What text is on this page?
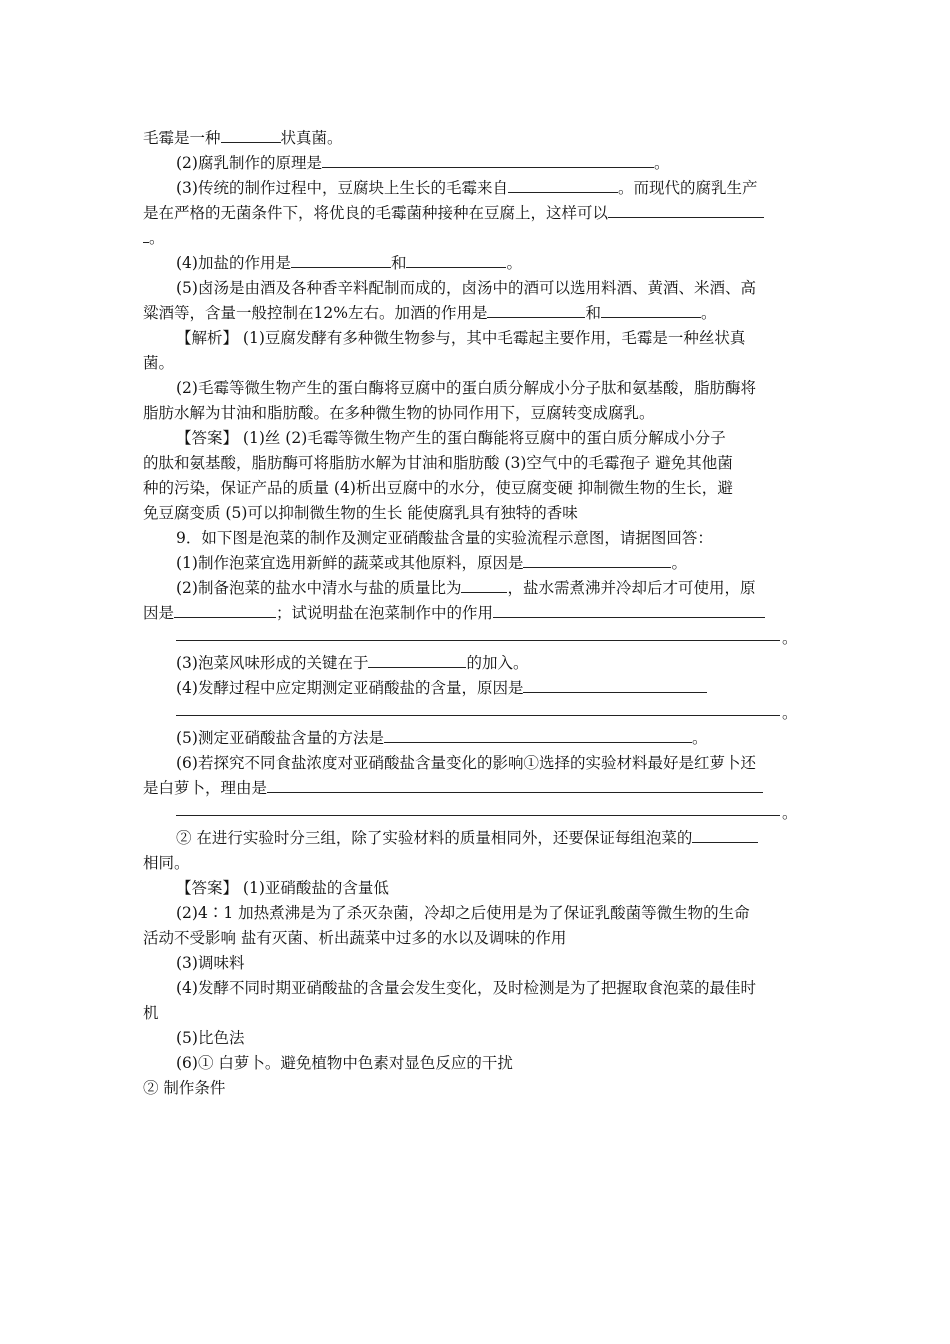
毛霉是一种	状真菌。
(2)腐乳制作的原理是	。
(3)传统的制作过程中，豆腐块上生长的毛霉来自	。而现代的腐乳生产
是在严格的无菌条件下，将优良的毛霉菌种接种在豆腐上，这样可以
。
(4)加盐的作用是	和	。
(5)卤汤是由酒及各种香辛料配制而成的，卤汤中的酒可以选用料酒、黄酒、米酒、高
粱酒等，含量一般控制在12%左右。加酒的作用是	和	。
【解析】 (1)豆腐发酵有多种微生物参与，其中毛霉起主要作用，毛霉是一种丝状真
菌。
(2)毛霉等微生物产生的蛋白酶将豆腐中的蛋白质分解成小分子肽和氨基酸，脂肪酶将
脂肪水解为甘油和脂肪酸。在多种微生物的协同作用下，豆腐转变成腐乳。
【答案】 (1)丝 (2)毛霉等微生物产生的蛋白酶能将豆腐中的蛋白质分解成小分子
的肽和氨基酸，脂肪酶可将脂肪水解为甘油和脂肪酸 (3)空气中的毛霉孢子 避免其他菌
种的污染，保证产品的质量 (4)析出豆腐中的水分，使豆腐变硬 抑制微生物的生长，避
免豆腐变质 (5)可以抑制微生物的生长 能使腐乳具有独特的香味
9．如下图是泡菜的制作及测定亚硝酸盐含量的实验流程示意图，请据图回答：
(1)制作泡菜宜选用新鲜的蔬菜或其他原料，原因是	。
(2)制备泡菜的盐水中清水与盐的质量比为	，盐水需煮沸并冷却后才可使用，原
因是	；试说明盐在泡菜制作中的作用
。
(3)泡菜风味形成的关键在于	的加入。
(4)发酵过程中应定期测定亚硝酸盐的含量，原因是
。
(5)测定亚硝酸盐含量的方法是	。
(6)若探究不同食盐浓度对亚硝酸盐含量变化的影响①选择的实验材料最好是红萝卜还
是白萝卜，理由是
。
② 在进行实验时分三组，除了实验材料的质量相同外，还要保证每组泡菜的
相同。
【答案】 (1)亚硝酸盐的含量低
(2)4∶1 加热煮沸是为了杀灭杂菌，冷却之后使用是为了保证乳酸菌等微生物的生命
活动不受影响 盐有灭菌、析出蔬菜中过多的水以及调味的作用
(3)调味料
(4)发酵不同时期亚硝酸盐的含量会发生变化，及时检测是为了把握取食泡菜的最佳时
机
(5)比色法
(6)① 白萝卜。避免植物中色素对显色反应的干扰
② 制作条件
